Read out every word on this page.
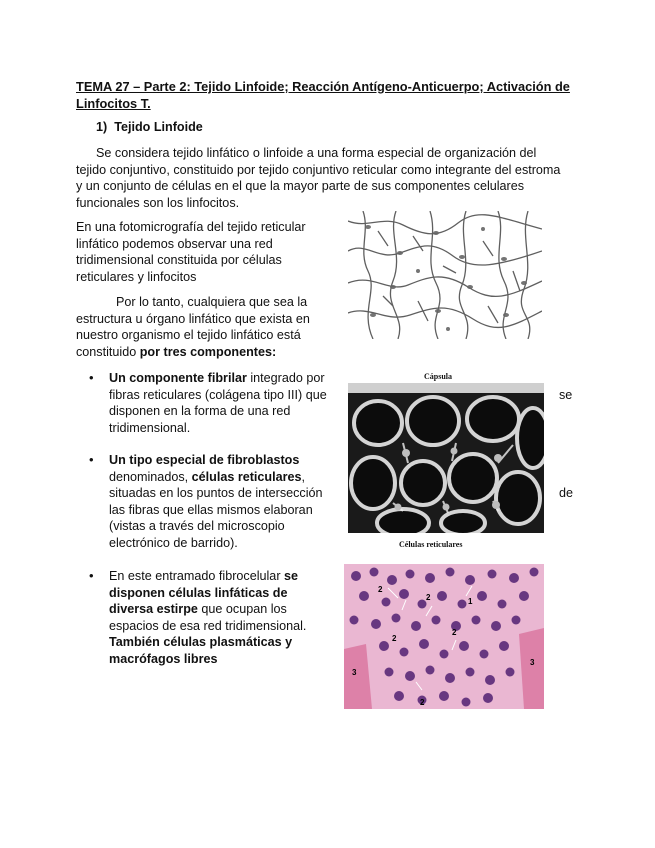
TEMA 27 – Parte 2: Tejido Linfoide; Reacción Antígeno-Anticuerpo; Activación de
Linfocitos T.
1) Tejido Linfoide
Se considera tejido linfático o linfoide a una forma especial de organización del
tejido conjuntivo, constituido por tejido conjuntivo reticular como integrante del estroma
y un conjunto de células en el que la mayor parte de sus componentes celulares
funcionales son los linfocitos.
En una fotomicrografía del tejido reticular
linfático podemos observar una red
tridimensional constituida por células
reticulares y linfocitos
Por lo tanto, cualquiera que sea la
estructura u órgano linfático que exista en
nuestro organismo el tejido linfático está
constituido por tres componentes:
• Un componente fibrilar integrado por
fibras reticulares (colágena tipo III) que	se
disponen en la forma de una red
tridimensional.
Cápsula
Células reticulares
• Un tipo especial de fibroblastos
denominados, células reticulares,
situadas en los puntos de intersección	de
las fibras que ellas mismos elaboran
(vistas a través del microscopio
electrónico de barrido).
• En este entramado fibrocelular se
disponen células linfáticas de
diversa estirpe que ocupan los
espacios de esa red tridimensional.
También células plasmáticas y
macrófagos libres
2
2	1
2
2
3
3
2
